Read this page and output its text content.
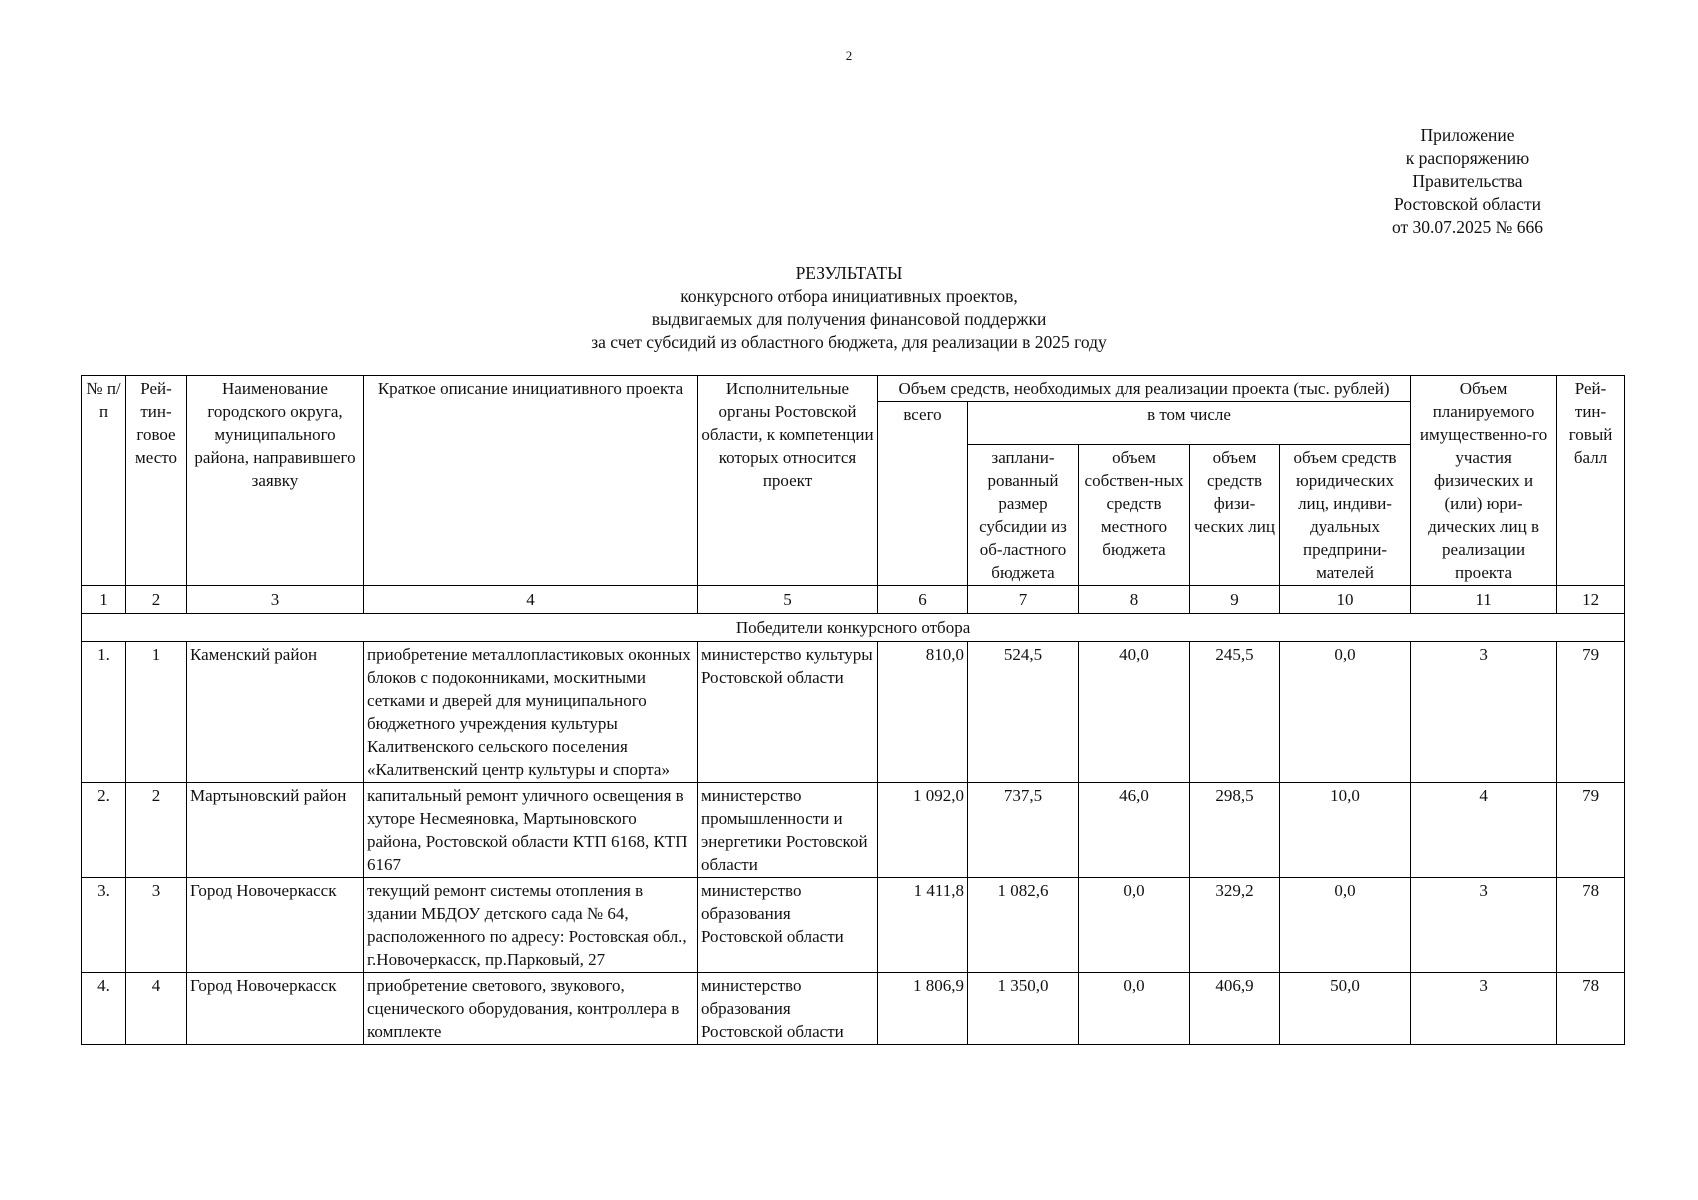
2
Приложение
к распоряжению
Правительства
Ростовской области
от 30.07.2025 № 666
РЕЗУЛЬТАТЫ
конкурсного отбора инициативных проектов,
выдвигаемых для получения финансовой поддержки
за счет субсидий из областного бюджета, для реализации в 2025 году
№ п/п	Рей-тин-говое место	Наименование городского округа, муниципального района, направившего заявку	Краткое описание инициативного проекта	Исполнительные органы Ростовской области, к компетенции которых относится проект	Объем средств, необходимых для реализации проекта (тыс. рублей)					Объем планируемого имущественно-го участия физических и (или) юри-дических лиц в реализации проекта	Рей-тин-говый балл
					всего	в том числе					
						заплани-рованный размер субсидии из об-ластного бюджета	объем собствен-ных средств местного бюджета	объем средств физи-ческих лиц	объем средств юридических лиц, индиви-дуальных предприни-мателей		
1	2	3	4	5	6	7	8	9	10	11	12
Победители конкурсного отбора											
1.	1	Каменский район	приобретение металлопластиковых оконных блоков с подоконниками, москитными сетками и дверей для муниципального бюджетного учреждения культуры Калитвенского сельского поселения «Калитвенский центр культуры и спорта»	министерство культуры Ростовской области	810,0	524,5	40,0	245,5	0,0	3	79
2.	2	Мартыновский район	капитальный ремонт уличного освещения в хуторе Несмеяновка, Мартыновского района, Ростовской области КТП 6168, КТП 6167	министерство промышленности и энергетики Ростовской области	1 092,0	737,5	46,0	298,5	10,0	4	79
3.	3	Город Новочеркасск	текущий ремонт системы отопления в здании МБДОУ детского сада № 64, расположенного по адресу: Ростовская обл., г.Новочеркасск, пр.Парковый, 27	министерство образования Ростовской области	1 411,8	1 082,6	0,0	329,2	0,0	3	78
4.	4	Город Новочеркасск	приобретение светового, звукового, сценического оборудования, контроллера в комплекте	министерство образования Ростовской области	1 806,9	1 350,0	0,0	406,9	50,0	3	78
